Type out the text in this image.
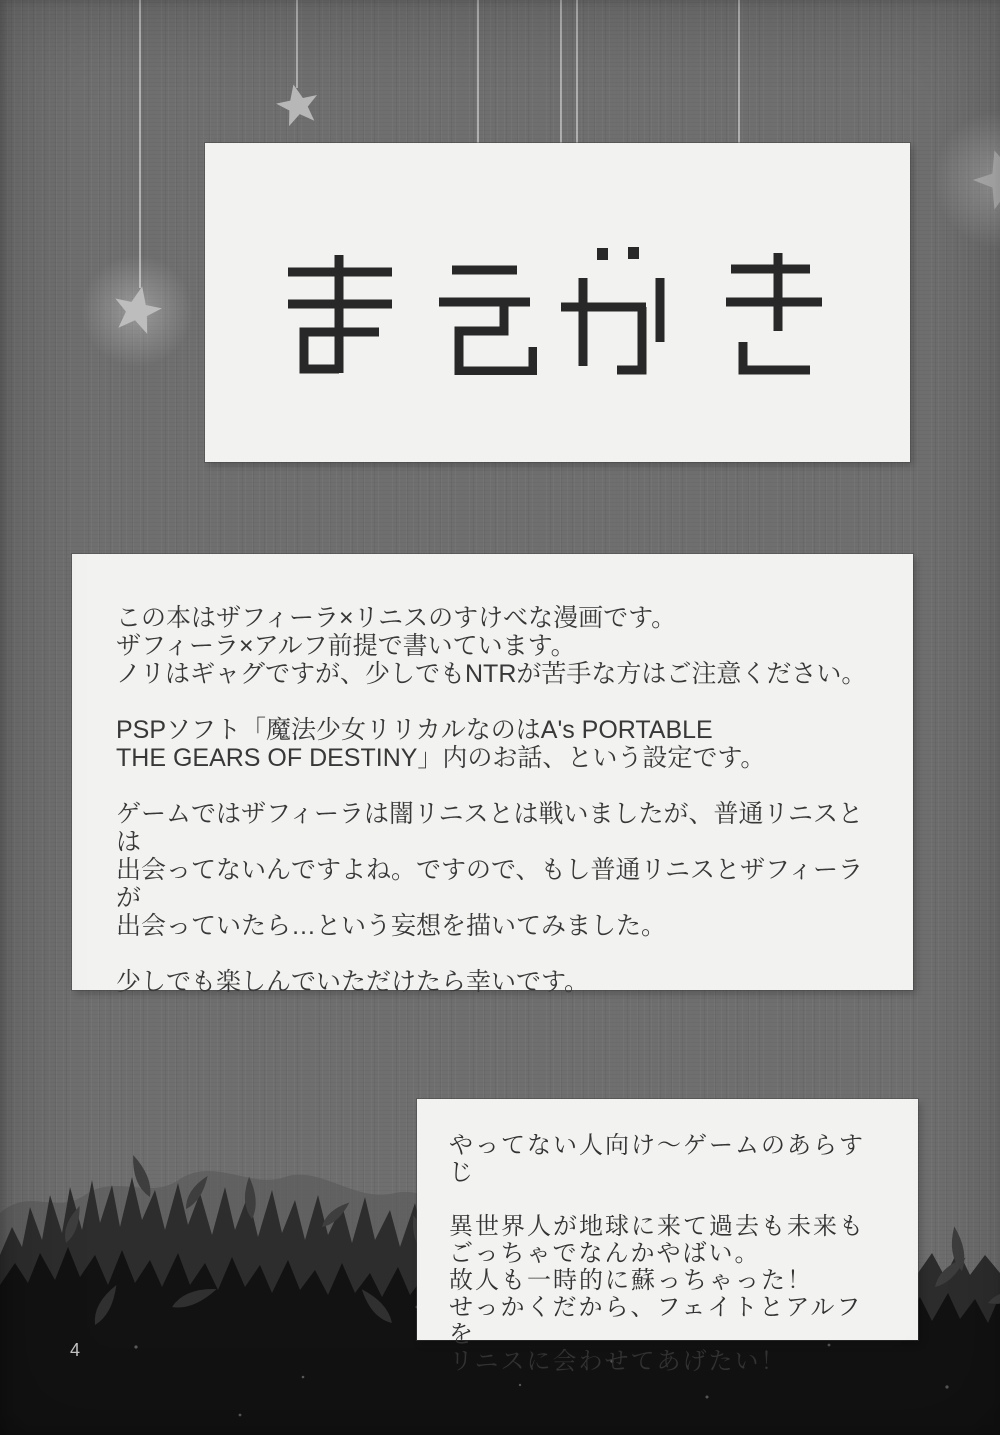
この本はザフィーラ×リニスのすけべな漫画です。
ザフィーラ×アルフ前提で書いています。
ノリはギャグですが、少しでもNTRが苦手な方はご注意ください。

PSPソフト「魔法少女リリカルなのはA's PORTABLE
THE GEARS OF DESTINY」内のお話、という設定です。

ゲームではザフィーラは闇リニスとは戦いましたが、普通リニスとは
出会ってないんですよね。ですので、もし普通リニスとザフィーラが
出会っていたら…という妄想を描いてみました。

少しでも楽しんでいただけたら幸いです。

やってない人向け～ゲームのあらすじ

異世界人が地球に来て過去も未来も
ごっちゃでなんかやばい。
故人も一時的に蘇っちゃった！
せっかくだから、フェイトとアルフを
リニスに会わせてあげたい！
4
